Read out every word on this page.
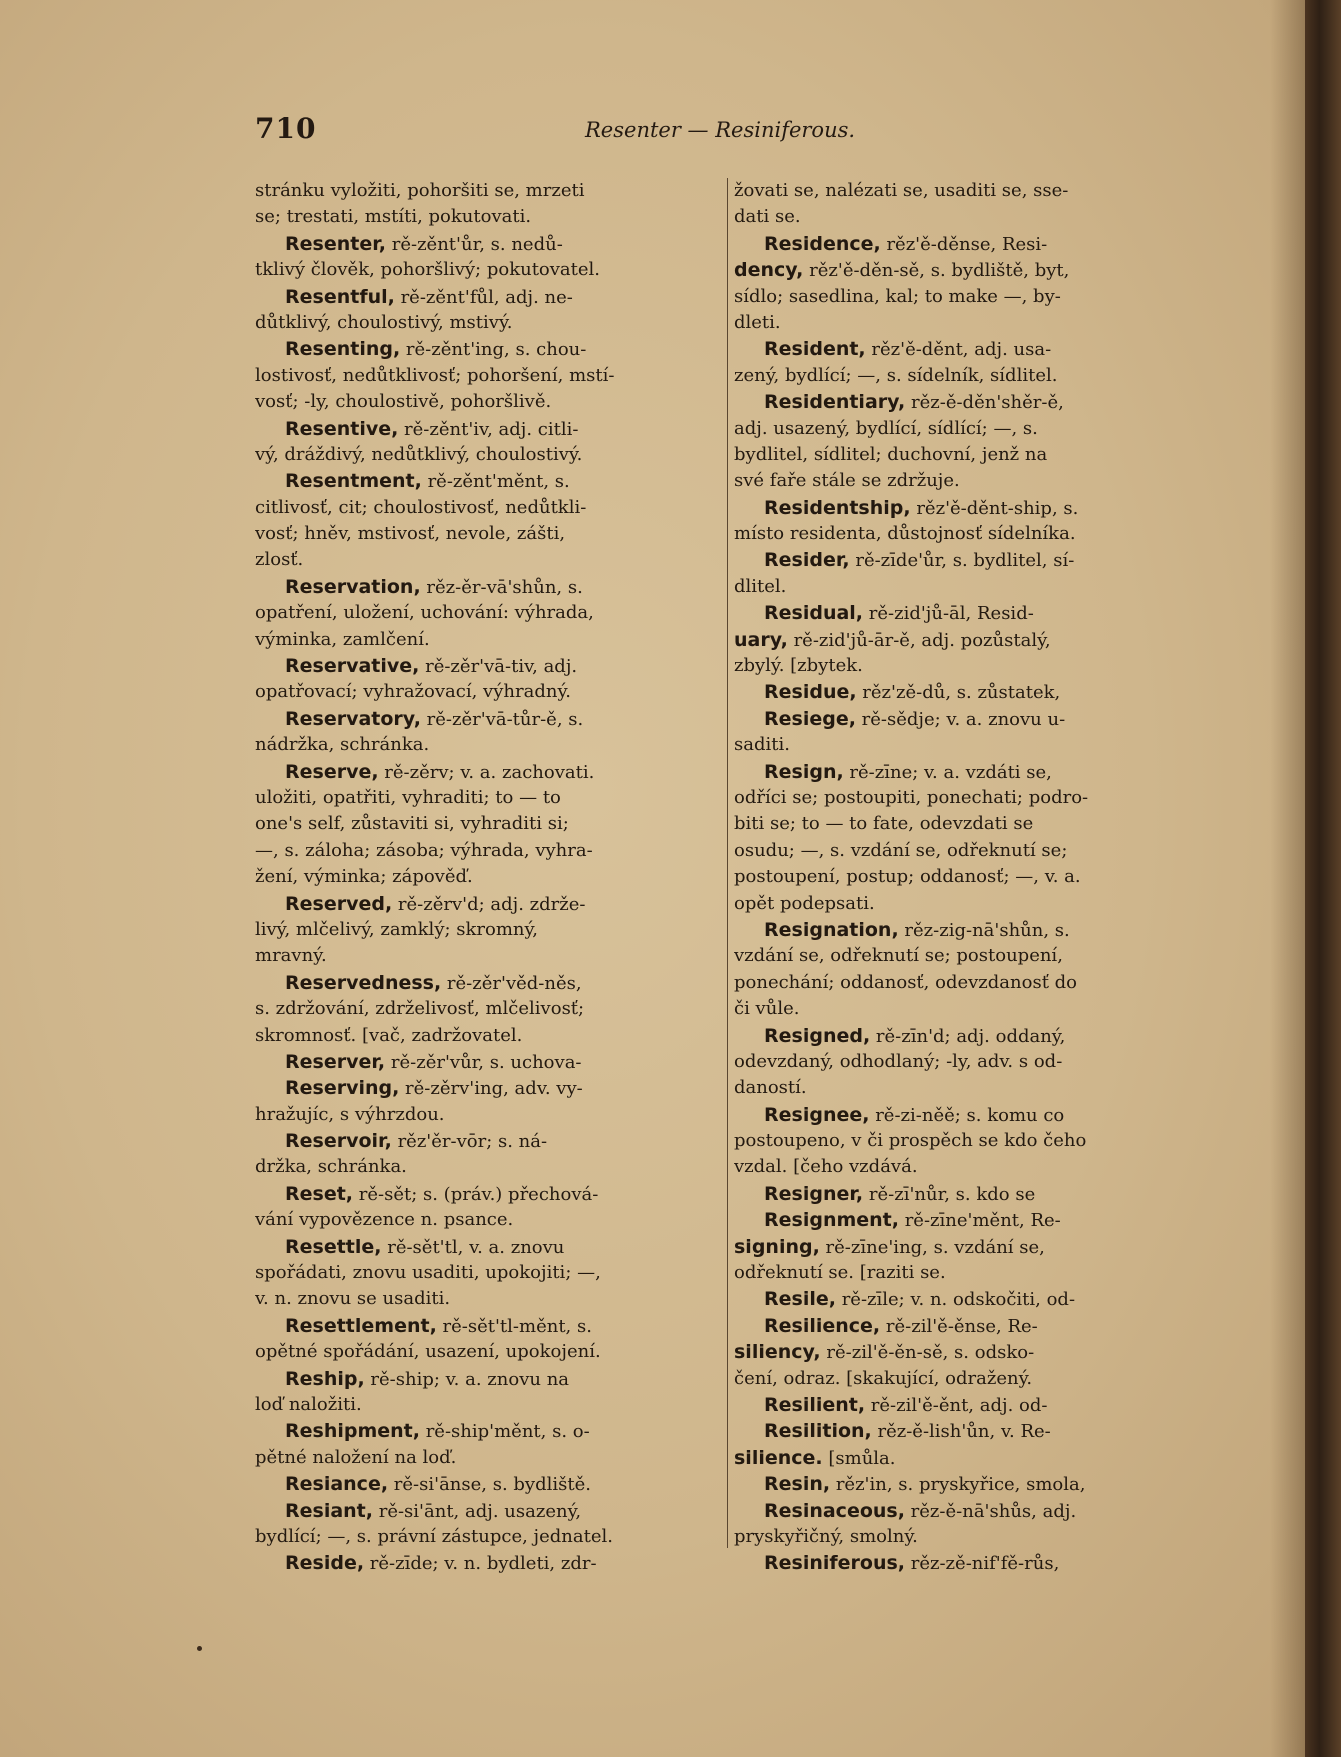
710	Resenter — Resiniferous.
stránku vyložiti, pohoršiti se, mrzeti
se; trestati, mstíti, pokutovati.
Resenter, rě-zěnt'ůr, s. nedů-
tklivý člověk, pohoršlivý; pokutovatel.
Resentful, rě-zěnt'fůl, adj. ne-
důtklivý, choulostivý, mstivý.
Resenting, rě-zěnt'ing, s. chou-
lostivosť, nedůtklivosť; pohoršení, mstí-
vosť; -ly, choulostivě, pohoršlivě.
Resentive, rě-zěnt'iv, adj. citli-
vý, dráždivý, nedůtklivý, choulostivý.
Resentment, rě-zěnt'měnt, s.
citlivosť, cit; choulostivosť, nedůtkli-
vosť; hněv, mstivosť, nevole, zášti,
zlosť.
Reservation, rěz-ěr-vā'shůn, s.
opatření, uložení, uchování: výhrada,
výminka, zamlčení.
Reservative, rě-zěr'vā-tiv, adj.
opatřovací; vyhražovací, výhradný.
Reservatory, rě-zěr'vā-tůr-ě, s.
nádržka, schránka.
Reserve, rě-zěrv; v. a. zachovati.
uložiti, opatřiti, vyhraditi; to — to
one's self, zůstaviti si, vyhraditi si;
—, s. záloha; zásoba; výhrada, vyhra-
žení, výminka; zápověď.
Reserved, rě-zěrv'd; adj. zdrže-
livý, mlčelivý, zamklý; skromný,
mravný.
Reservedness, rě-zěr'věd-něs,
s. zdržování, zdrželivosť, mlčelivosť;
skromnosť. [vač, zadržovatel.
Reserver, rě-zěr'vůr, s. uchova-
Reserving, rě-zěrv'ing, adv. vy-
hražujíc, s výhrzdou.
Reservoir, rěz'ěr-vōr; s. ná-
držka, schránka.
Reset, rě-sět; s. (práv.) přechová-
vání vypovězence n. psance.
Resettle, rě-sět'tl, v. a. znovu
spořádati, znovu usaditi, upokojiti; —,
v. n. znovu se usaditi.
Resettlement, rě-sět'tl-měnt, s.
opětné spořádání, usazení, upokojení.
Reship, rě-ship; v. a. znovu na
loď naložiti.
Reshipment, rě-ship'měnt, s. o-
pětné naložení na loď.
Resiance, rě-si'ānse, s. bydliště.
Resiant, rě-si'ānt, adj. usazený,
bydlící; —, s. právní zástupce, jednatel.
Reside, rě-zīde; v. n. bydleti, zdr-
žovati se, nalézati se, usaditi se, sse-
dati se.
Residence, rěz'ě-děnse, Resi-
dency, rěz'ě-děn-sě, s. bydliště, byt,
sídlo; sasedlina, kal; to make —, by-
dleti.
Resident, rěz'ě-děnt, adj. usa-
zený, bydlící; —, s. sídelník, sídlitel.
Residentiary, rěz-ě-děn'shěr-ě,
adj. usazený, bydlící, sídlící; —, s.
bydlitel, sídlitel; duchovní, jenž na
své faře stále se zdržuje.
Residentship, rěz'ě-děnt-ship, s.
místo residenta, důstojnosť sídelníka.
Resider, rě-zīde'ůr, s. bydlitel, sí-
dlitel.
Residual, rě-zid'jů-āl, Resid-
uary, rě-zid'jů-ār-ě, adj. pozůstalý,
zbylý. [zbytek.
Residue, rěz'zě-dů, s. zůstatek,
Resiege, rě-sědje; v. a. znovu u-
saditi.
Resign, rě-zīne; v. a. vzdáti se,
odříci se; postoupiti, ponechati; podro-
biti se; to — to fate, odevzdati se
osudu; —, s. vzdání se, odřeknutí se;
postoupení, postup; oddanosť; —, v. a.
opět podepsati.
Resignation, rěz-zig-nā'shůn, s.
vzdání se, odřeknutí se; postoupení,
ponechání; oddanosť, odevzdanosť do
či vůle.
Resigned, rě-zīn'd; adj. oddaný,
odevzdaný, odhodlaný; -ly, adv. s od-
daností.
Resignee, rě-zi-něě; s. komu co
postoupeno, v či prospěch se kdo čeho
vzdal. [čeho vzdává.
Resigner, rě-zī'nůr, s. kdo se
Resignment, rě-zīne'měnt, Re-
signing, rě-zīne'ing, s. vzdání se,
odřeknutí se. [raziti se.
Resile, rě-zīle; v. n. odskočiti, od-
Resilience, rě-zil'ě-ěnse, Re-
siliency, rě-zil'ě-ěn-sě, s. odsko-
čení, odraz. [skakující, odražený.
Resilient, rě-zil'ě-ěnt, adj. od-
Resilition, rěz-ě-lish'ůn, v. Re-
silience. [smůla.
Resin, rěz'in, s. pryskyřice, smola,
Resinaceous, rěz-ě-nā'shůs, adj.
pryskyřičný, smolný.
Resiniferous, rěz-zě-nif'fě-růs,
